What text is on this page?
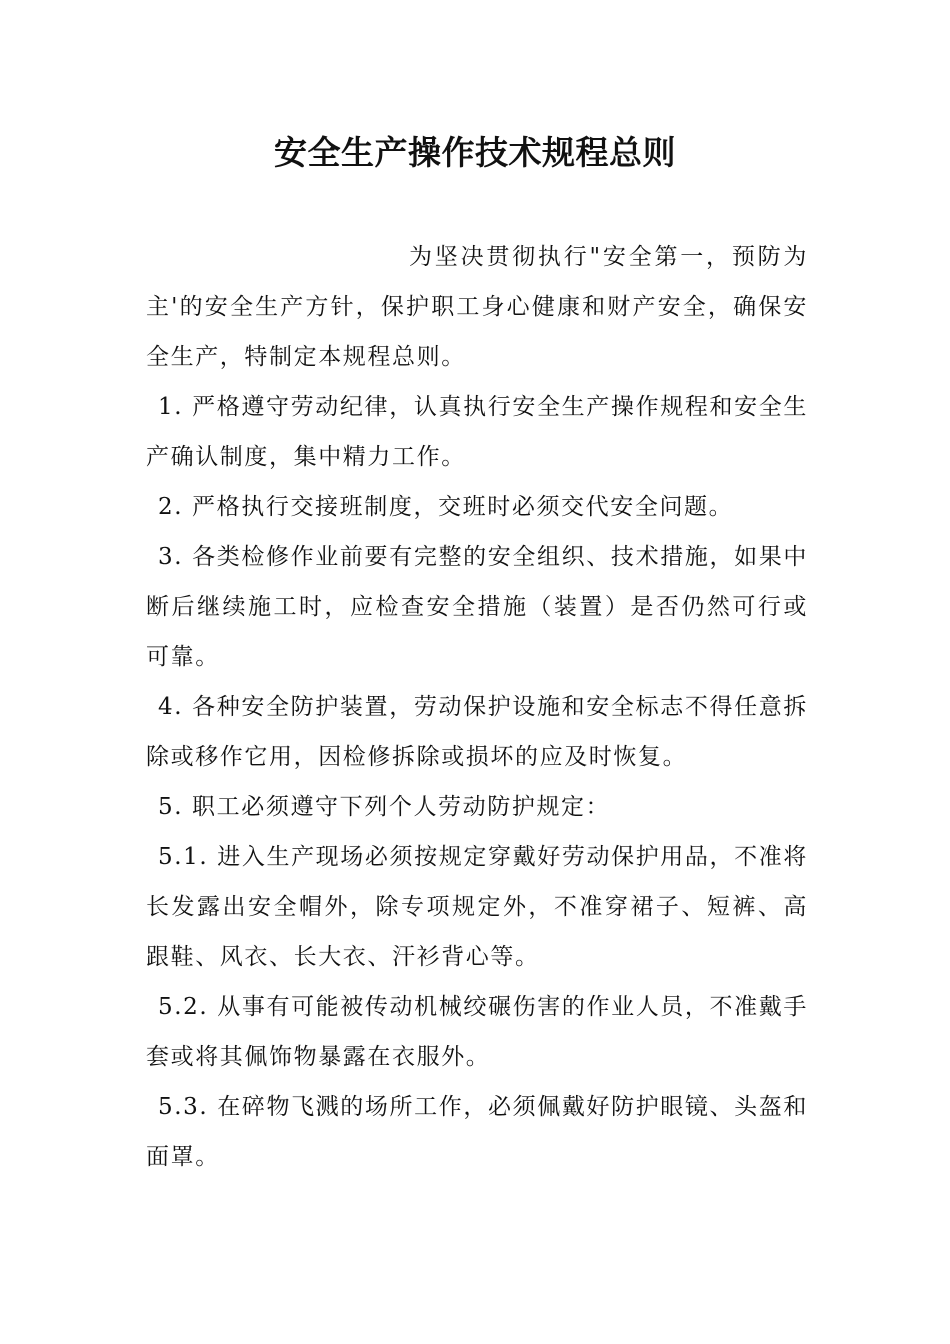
安全生产操作技术规程总则

为坚决贯彻执行"安全第一，预防为主'的安全生产方针，保护职工身心健康和财产安全，确保安全生产，特制定本规程总则。

1. 严格遵守劳动纪律，认真执行安全生产操作规程和安全生产确认制度，集中精力工作。

2. 严格执行交接班制度，交班时必须交代安全问题。

3. 各类检修作业前要有完整的安全组织、技术措施，如果中断后继续施工时，应检查安全措施（装置）是否仍然可行或可靠。

4. 各种安全防护装置，劳动保护设施和安全标志不得任意拆除或移作它用，因检修拆除或损坏的应及时恢复。

5. 职工必须遵守下列个人劳动防护规定：

5.1. 进入生产现场必须按规定穿戴好劳动保护用品，不准将长发露出安全帽外，除专项规定外，不准穿裙子、短裤、高跟鞋、风衣、长大衣、汗衫背心等。

5.2. 从事有可能被传动机械绞碾伤害的作业人员，不准戴手套或将其佩饰物暴露在衣服外。

5.3. 在碎物飞溅的场所工作，必须佩戴好防护眼镜、头盔和面罩。
